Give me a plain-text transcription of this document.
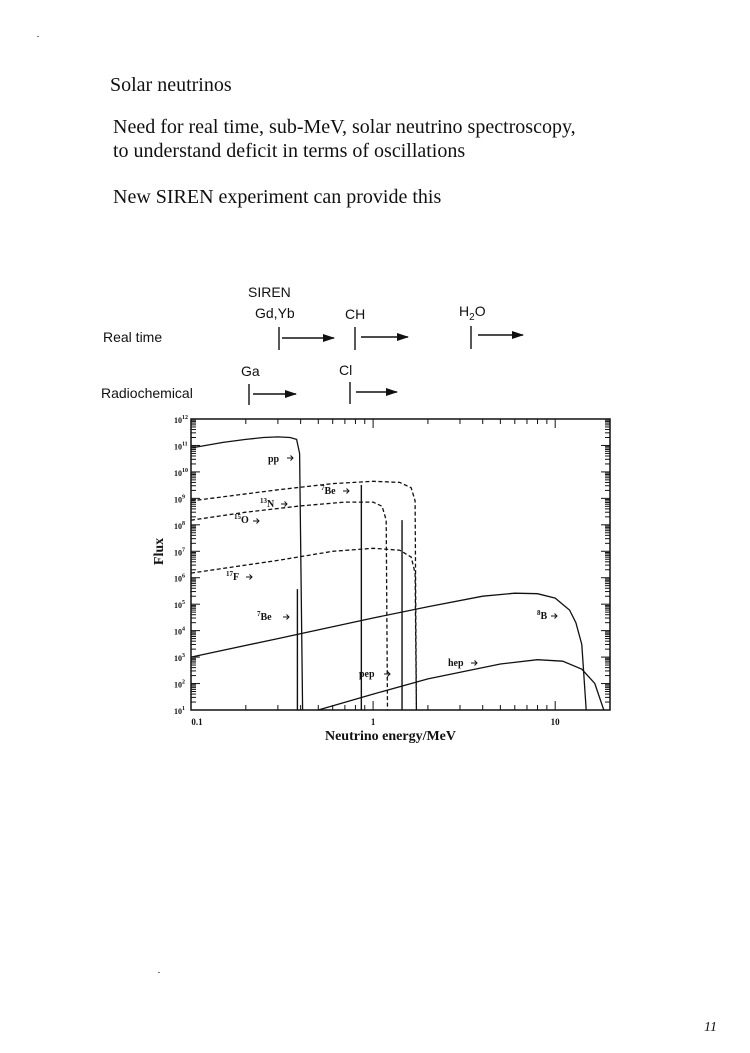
Solar neutrinos
Need for real time, sub-MeV, solar neutrino spectroscopy,
to understand deficit in terms of oscillations
New SIREN experiment can provide this
SIREN
Gd,Yb	CH	$H_2O$
Real time
Ga	Cl
Radiochemical
0.1	1	10
$10^1$
$10^2$
$10^3$
$10^4$
$10^5$
$10^6$
$10^7$
$10^8$
$10^9$
$10^{10}$
$10^{11}$
$10^{12}$
Neutrino energy/MeV
Flux
pp
$^{13}$N
$^{15}$O
$^7$Be
$^{17}$F
$^7$Be	$^8$B
hep
pep
11
